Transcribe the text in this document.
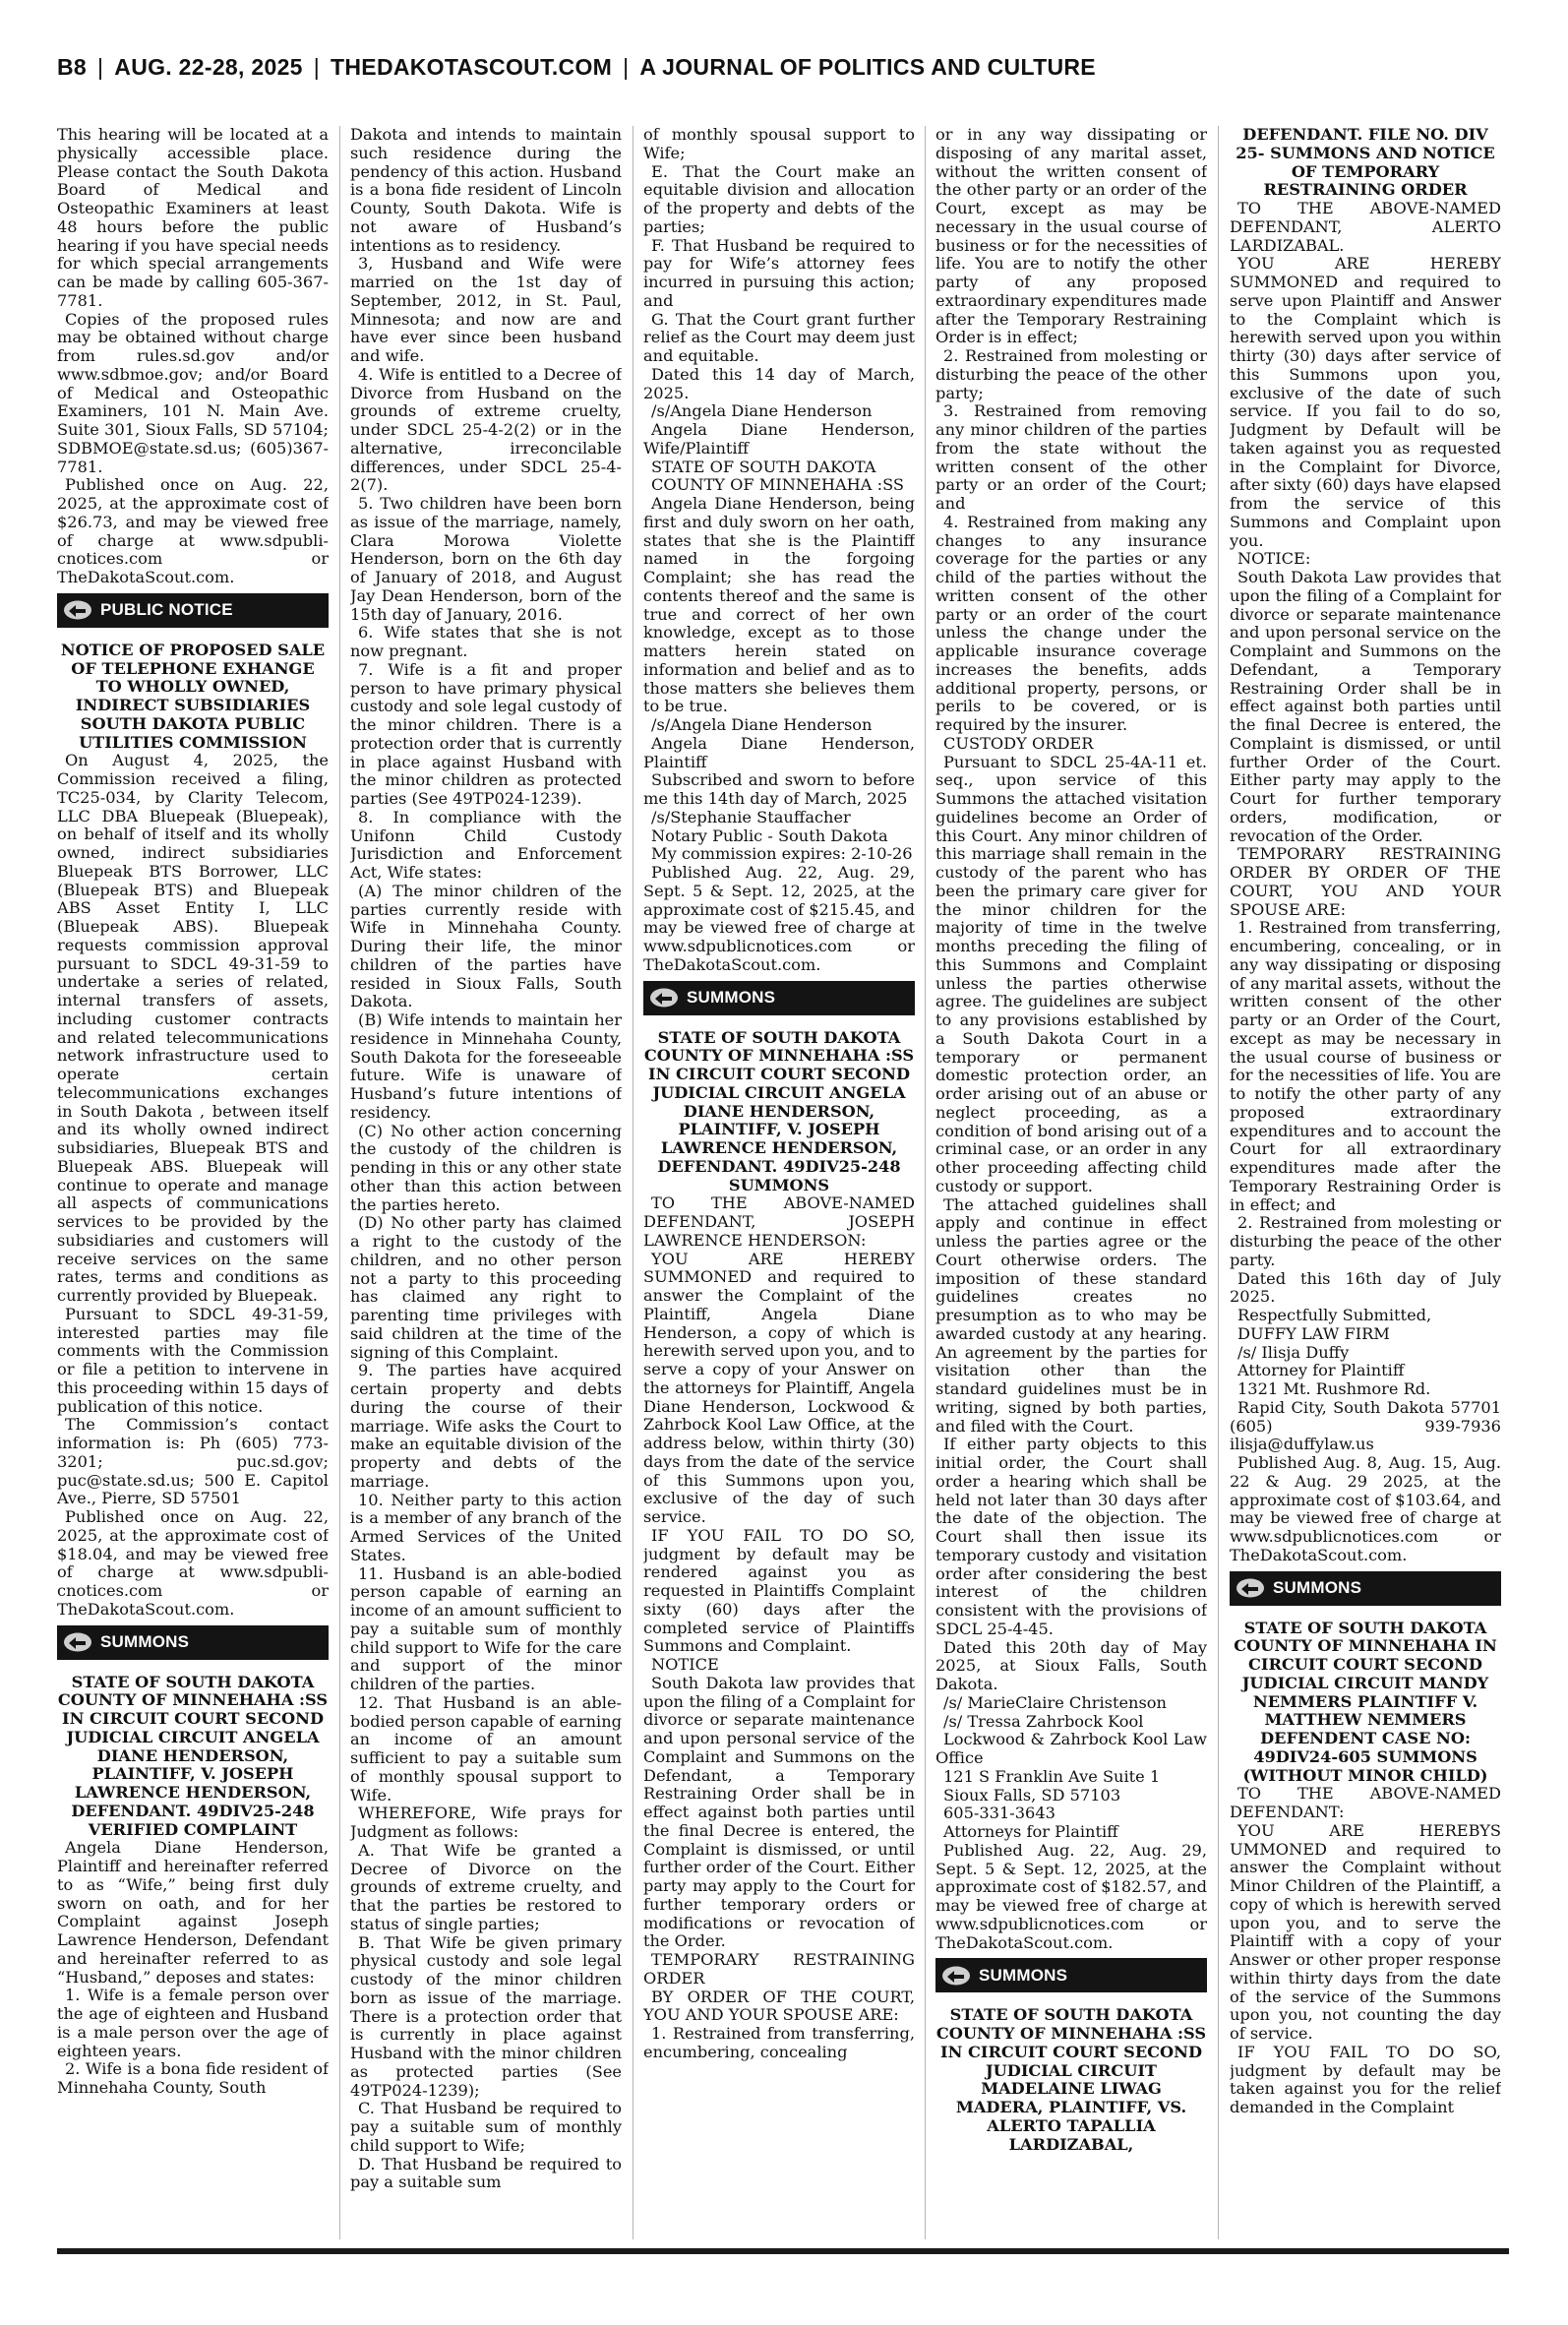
B8 | AUG. 22-28, 2025 | THEDAKOTASCOUT.COM | A JOURNAL OF POLITICS AND CULTURE

This hearing will be located at a physically accessible place. Please contact the South Dakota Board of Medical and Osteopathic Examiners at least 48 hours before the public hearing if you have special needs for which special arrangements can be made by calling 605-367-7781.

Copies of the proposed rules may be obtained without charge from rules.sd.gov and/or www.sdbmoe.gov; and/or Board of Medical and Osteopathic Examiners, 101 N. Main Ave. Suite 301, Sioux Falls, SD 57104; SDBMOE@state.sd.us; (605)367-7781.

Published once on Aug. 22, 2025, at the approximate cost of $26.73, and may be viewed free of charge at www.sdpublicnotices.com or TheDakotaScout.com.

PUBLIC NOTICE

NOTICE OF PROPOSED SALE OF TELEPHONE EXHANGE TO WHOLLY OWNED, INDIRECT SUBSIDIARIES SOUTH DAKOTA PUBLIC UTILITIES COMMISSION

On August 4, 2025, the Commission received a filing, TC25-034, by Clarity Telecom, LLC DBA Bluepeak (Bluepeak), on behalf of itself and its wholly owned, indirect subsidiaries Bluepeak BTS Borrower, LLC (Bluepeak BTS) and Bluepeak ABS Asset Entity I, LLC (Bluepeak ABS). Bluepeak requests commission approval pursuant to SDCL 49-31-59 to undertake a series of related, internal transfers of assets, including customer contracts and related telecommunications network infrastructure used to operate certain telecommunications exchanges in South Dakota , between itself and its wholly owned indirect subsidiaries, Bluepeak BTS and Bluepeak ABS. Bluepeak will continue to operate and manage all aspects of communications services to be provided by the subsidiaries and customers will receive services on the same rates, terms and conditions as currently provided by Bluepeak.

Pursuant to SDCL 49-31-59, interested parties may file comments with the Commission or file a petition to intervene in this proceeding within 15 days of publication of this notice.

The Commission’s contact information is: Ph (605) 773-3201; puc.sd.gov; puc@state.sd.us; 500 E. Capitol Ave., Pierre, SD 57501

Published once on Aug. 22, 2025, at the approximate cost of $18.04, and may be viewed free of charge at www.sdpublicnotices.com or TheDakotaScout.com.

SUMMONS

STATE OF SOUTH DAKOTA COUNTY OF MINNEHAHA :SS IN CIRCUIT COURT SECOND JUDICIAL CIRCUIT ANGELA DIANE HENDERSON, PLAINTIFF, V. JOSEPH LAWRENCE HENDERSON, DEFENDANT. 49DIV25-248 VERIFIED COMPLAINT

Angela Diane Henderson, Plaintiff and hereinafter referred to as “Wife,” being first duly sworn on oath, and for her Complaint against Joseph Lawrence Henderson, Defendant and hereinafter referred to as “Husband,” deposes and states:

1. Wife is a female person over the age of eighteen and Husband is a male person over the age of eighteen years.

2. Wife is a bona fide resident of Minnehaha County, South

Dakota and intends to maintain such residence during the pendency of this action. Husband is a bona fide resident of Lincoln County, South Dakota. Wife is not aware of Husband’s intentions as to residency.

3, Husband and Wife were married on the 1st day of September, 2012, in St. Paul, Minnesota; and now are and have ever since been husband and wife.

4. Wife is entitled to a Decree of Divorce from Husband on the grounds of extreme cruelty, under SDCL 25-4-2(2) or in the alternative, irreconcilable differences, under SDCL 25-4-2(7).

5. Two children have been born as issue of the marriage, namely, Clara Morowa Violette Henderson, born on the 6th day of January of 2018, and August Jay Dean Henderson, born of the 15th day of January, 2016.

6. Wife states that she is not now pregnant.

7. Wife is a fit and proper person to have primary physical custody and sole legal custody of the minor children. There is a protection order that is currently in place against Husband with the minor children as protected parties (See 49TP024-1239).

8. In compliance with the Unifonn Child Custody Jurisdiction and Enforcement Act, Wife states:

(A) The minor children of the parties currently reside with Wife in Minnehaha County. During their life, the minor children of the parties have resided in Sioux Falls, South Dakota.

(B) Wife intends to maintain her residence in Minnehaha County, South Dakota for the foreseeable future. Wife is unaware of Husband’s future intentions of residency.

(C) No other action concerning the custody of the children is pending in this or any other state other than this action between the parties hereto.

(D) No other party has claimed a right to the custody of the children, and no other person not a party to this proceeding has claimed any right to parenting time privileges with said children at the time of the signing of this Complaint.

9. The parties have acquired certain property and debts during the course of their marriage. Wife asks the Court to make an equitable division of the property and debts of the marriage.

10. Neither party to this action is a member of any branch of the Armed Services of the United States.

11. Husband is an able-bodied person capable of earning an income of an amount sufficient to pay a suitable sum of monthly child support to Wife for the care and support of the minor children of the parties.

12. That Husband is an able-bodied person capable of earning an income of an amount sufficient to pay a suitable sum of monthly spousal support to Wife.

WHEREFORE, Wife prays for Judgment as follows:

A. That Wife be granted a Decree of Divorce on the grounds of extreme cruelty, and that the parties be restored to status of single parties;

B. That Wife be given primary physical custody and sole legal custody of the minor children born as issue of the marriage. There is a protection order that is currently in place against Husband with the minor children as protected parties (See 49TP024-1239);

C. That Husband be required to pay a suitable sum of monthly child support to Wife;

D. That Husband be required to pay a suitable sum

of monthly spousal support to Wife;

E. That the Court make an equitable division and allocation of the property and debts of the parties;

F. That Husband be required to pay for Wife’s attorney fees incurred in pursuing this action; and

G. That the Court grant further relief as the Court may deem just and equitable.

Dated this 14 day of March, 2025.

/s/Angela Diane Henderson

Angela Diane Henderson, Wife/Plaintiff

STATE OF SOUTH DAKOTA

COUNTY OF MINNEHAHA :SS

Angela Diane Henderson, being first and duly sworn on her oath, states that she is the Plaintiff named in the forgoing Complaint; she has read the contents thereof and the same is true and correct of her own knowledge, except as to those matters herein stated on information and belief and as to those matters she believes them to be true.

/s/Angela Diane Henderson

Angela Diane Henderson, Plaintiff

Subscribed and sworn to before me this 14th day of March, 2025

/s/Stephanie Stauffacher

Notary Public - South Dakota

My commission expires: 2-10-26

Published Aug. 22, Aug. 29, Sept. 5 & Sept. 12, 2025, at the approximate cost of $215.45, and may be viewed free of charge at www.sdpublicnotices.com or TheDakotaScout.com.

SUMMONS

STATE OF SOUTH DAKOTA COUNTY OF MINNEHAHA :SS IN CIRCUIT COURT SECOND JUDICIAL CIRCUIT ANGELA DIANE HENDERSON, PLAINTIFF, V. JOSEPH LAWRENCE HENDERSON, DEFENDANT. 49DIV25-248 SUMMONS

TO THE ABOVE-NAMED DEFENDANT, JOSEPH LAWRENCE HENDERSON:

YOU ARE HEREBY SUMMONED and required to answer the Complaint of the Plaintiff, Angela Diane Henderson, a copy of which is herewith served upon you, and to serve a copy of your Answer on the attorneys for Plaintiff, Angela Diane Henderson, Lockwood & Zahrbock Kool Law Office, at the address below, within thirty (30) days from the date of the service of this Summons upon you, exclusive of the day of such service.

IF YOU FAIL TO DO SO, judgment by default may be rendered against you as requested in Plaintiffs Complaint sixty (60) days after the completed service of Plaintiffs Summons and Complaint.

NOTICE

South Dakota law provides that upon the filing of a Complaint for divorce or separate maintenance and upon personal service of the Complaint and Summons on the Defendant, a Temporary Restraining Order shall be in effect against both parties until the final Decree is entered, the Complaint is dismissed, or until further order of the Court. Either party may apply to the Court for further temporary orders or modifications or revocation of the Order.

TEMPORARY RESTRAINING ORDER

BY ORDER OF THE COURT, YOU AND YOUR SPOUSE ARE:

1. Restrained from transferring, encumbering, concealing

or in any way dissipating or disposing of any marital asset, without the written consent of the other party or an order of the Court, except as may be necessary in the usual course of business or for the necessities of life. You are to notify the other party of any proposed extraordinary expenditures made after the Temporary Restraining Order is in effect;

2. Restrained from molesting or disturbing the peace of the other party;

3. Restrained from removing any minor children of the parties from the state without the written consent of the other party or an order of the Court; and

4. Restrained from making any changes to any insurance coverage for the parties or any child of the parties without the written consent of the other party or an order of the court unless the change under the applicable insurance coverage increases the benefits, adds additional property, persons, or perils to be covered, or is required by the insurer.

CUSTODY ORDER

Pursuant to SDCL 25-4A-11 et. seq., upon service of this Summons the attached visitation guidelines become an Order of this Court. Any minor children of this marriage shall remain in the custody of the parent who has been the primary care giver for the minor children for the majority of time in the twelve months preceding the filing of this Summons and Complaint unless the parties otherwise agree. The guidelines are subject to any provisions established by a South Dakota Court in a temporary or permanent domestic protection order, an order arising out of an abuse or neglect proceeding, as a condition of bond arising out of a criminal case, or an order in any other proceeding affecting child custody or support.

The attached guidelines shall apply and continue in effect unless the parties agree or the Court otherwise orders. The imposition of these standard guidelines creates no presumption as to who may be awarded custody at any hearing. An agreement by the parties for visitation other than the standard guidelines must be in writing, signed by both parties, and filed with the Court.

If either party objects to this initial order, the Court shall order a hearing which shall be held not later than 30 days after the date of the objection. The Court shall then issue its temporary custody and visitation order after considering the best interest of the children consistent with the provisions of SDCL 25-4-45.

Dated this 20th day of May 2025, at Sioux Falls, South Dakota.

/s/ MarieClaire Christenson

/s/ Tressa Zahrbock Kool

Lockwood & Zahrbock Kool Law Office

121 S Franklin Ave Suite 1

Sioux Falls, SD 57103

605-331-3643

Attorneys for Plaintiff

Published Aug. 22, Aug. 29, Sept. 5 & Sept. 12, 2025, at the approximate cost of $182.57, and may be viewed free of charge at www.sdpublicnotices.com or TheDakotaScout.com.

SUMMONS

STATE OF SOUTH DAKOTA COUNTY OF MINNEHAHA :SS IN CIRCUIT COURT SECOND JUDICIAL CIRCUIT MADELAINE LIWAG MADERA, PLAINTIFF, VS. ALERTO TAPALLIA LARDIZABAL,

DEFENDANT. FILE NO. DIV 25- SUMMONS AND NOTICE OF TEMPORARY RESTRAINING ORDER

TO THE ABOVE-NAMED DEFENDANT, ALERTO LARDIZABAL.

YOU ARE HEREBY SUMMONED and required to serve upon Plaintiff and Answer to the Complaint which is herewith served upon you within thirty (30) days after service of this Summons upon you, exclusive of the date of such service. If you fail to do so, Judgment by Default will be taken against you as requested in the Complaint for Divorce, after sixty (60) days have elapsed from the service of this Summons and Complaint upon you.

NOTICE:

South Dakota Law provides that upon the filing of a Complaint for divorce or separate maintenance and upon personal service on the Complaint and Summons on the Defendant, a Temporary Restraining Order shall be in effect against both parties until the final Decree is entered, the Complaint is dismissed, or until further Order of the Court. Either party may apply to the Court for further temporary orders, modification, or revocation of the Order.

TEMPORARY RESTRAINING ORDER BY ORDER OF THE COURT, YOU AND YOUR SPOUSE ARE:

1. Restrained from transferring, encumbering, concealing, or in any way dissipating or disposing of any marital assets, without the written consent of the other party or an Order of the Court, except as may be necessary in the usual course of business or for the necessities of life. You are to notify the other party of any proposed extraordinary expenditures and to account the Court for all extraordinary expenditures made after the Temporary Restraining Order is in effect; and

2. Restrained from molesting or disturbing the peace of the other party.

Dated this 16th day of July 2025.

Respectfully Submitted,

DUFFY LAW FIRM

/s/ Ilisja Duffy

Attorney for Plaintiff

1321 Mt. Rushmore Rd.

Rapid City, South Dakota 57701 (605) 939-7936 ilisja@duffylaw.us

Published Aug. 8, Aug. 15, Aug. 22 & Aug. 29 2025, at the approximate cost of $103.64, and may be viewed free of charge at www.sdpublicnotices.com or TheDakotaScout.com.

SUMMONS

STATE OF SOUTH DAKOTA COUNTY OF MINNEHAHA IN CIRCUIT COURT SECOND JUDICIAL CIRCUIT MANDY NEMMERS PLAINTIFF V. MATTHEW NEMMERS DEFENDENT CASE NO: 49DIV24-605 SUMMONS (WITHOUT MINOR CHILD)

TO THE ABOVE-NAMED DEFENDANT:

YOU ARE HEREBYS UMMONED and required to answer the Complaint without Minor Children of the Plaintiff, a copy of which is herewith served upon you, and to serve the Plaintiff with a copy of your Answer or other proper response within thirty days from the date of the service of the Summons upon you, not counting the day of service.

IF YOU FAIL TO DO SO, judgment by default may be taken against you for the relief demanded in the Complaint
